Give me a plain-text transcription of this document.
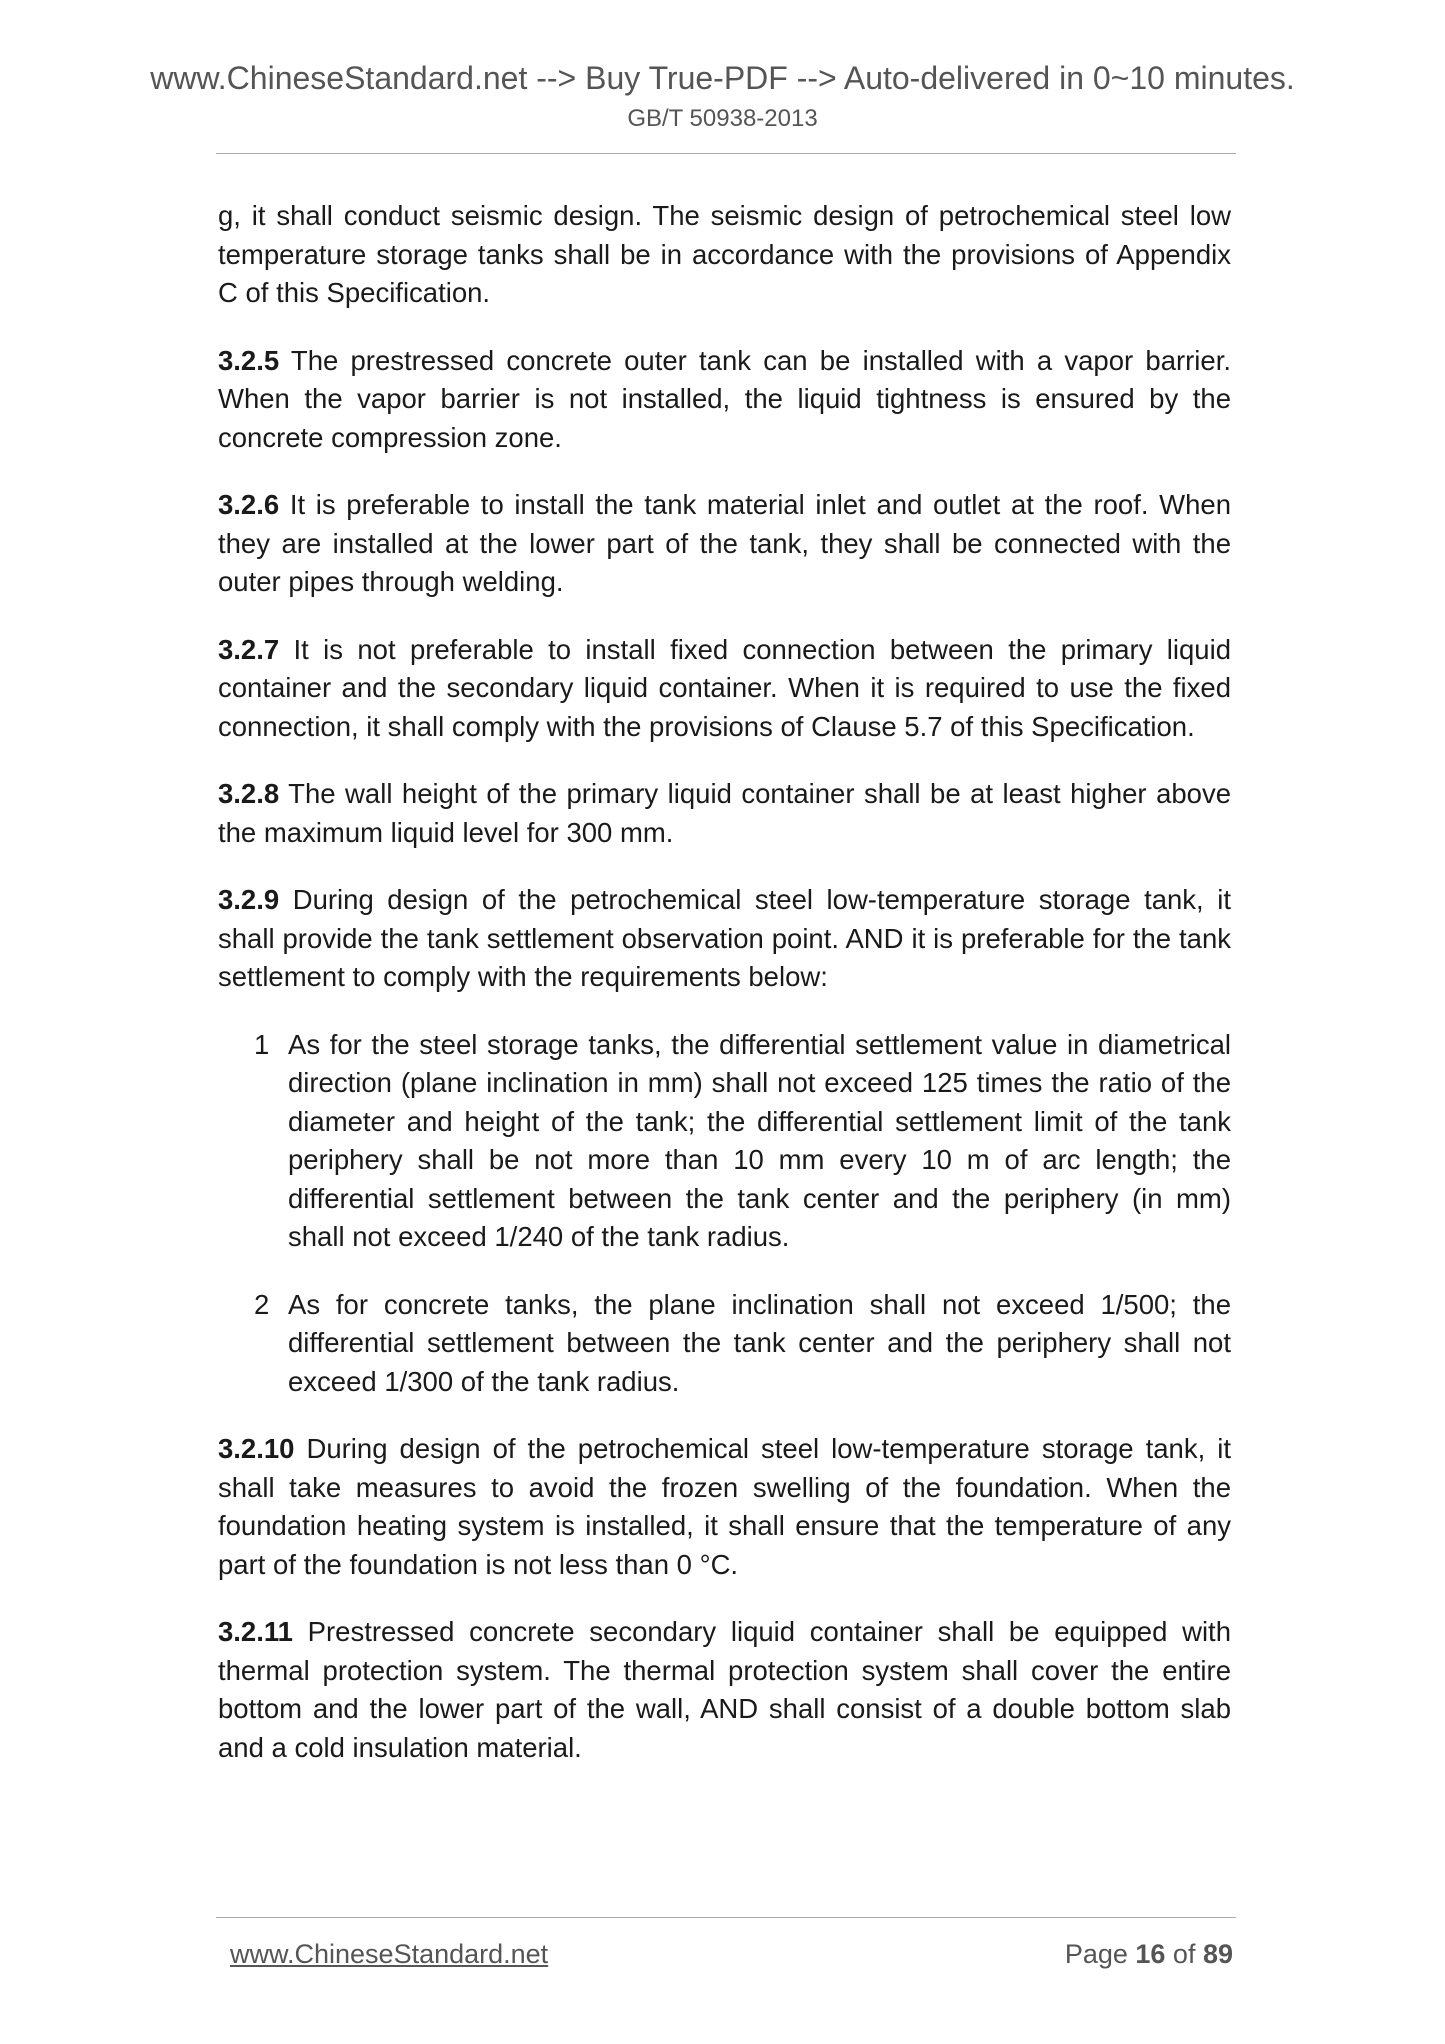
www.ChineseStandard.net --> Buy True-PDF --> Auto-delivered in 0~10 minutes.
GB/T 50938-2013

g, it shall conduct seismic design. The seismic design of petrochemical steel low temperature storage tanks shall be in accordance with the provisions of Appendix C of this Specification.

3.2.5 The prestressed concrete outer tank can be installed with a vapor barrier. When the vapor barrier is not installed, the liquid tightness is ensured by the concrete compression zone.

3.2.6 It is preferable to install the tank material inlet and outlet at the roof. When they are installed at the lower part of the tank, they shall be connected with the outer pipes through welding.

3.2.7 It is not preferable to install fixed connection between the primary liquid container and the secondary liquid container. When it is required to use the fixed connection, it shall comply with the provisions of Clause 5.7 of this Specification.

3.2.8 The wall height of the primary liquid container shall be at least higher above the maximum liquid level for 300 mm.

3.2.9 During design of the petrochemical steel low-temperature storage tank, it shall provide the tank settlement observation point. AND it is preferable for the tank settlement to comply with the requirements below:

1 As for the steel storage tanks, the differential settlement value in diametrical direction (plane inclination in mm) shall not exceed 125 times the ratio of the diameter and height of the tank; the differential settlement limit of the tank periphery shall be not more than 10 mm every 10 m of arc length; the differential settlement between the tank center and the periphery (in mm) shall not exceed 1/240 of the tank radius.

2 As for concrete tanks, the plane inclination shall not exceed 1/500; the differential settlement between the tank center and the periphery shall not exceed 1/300 of the tank radius.

3.2.10 During design of the petrochemical steel low-temperature storage tank, it shall take measures to avoid the frozen swelling of the foundation. When the foundation heating system is installed, it shall ensure that the temperature of any part of the foundation is not less than 0 °C.

3.2.11 Prestressed concrete secondary liquid container shall be equipped with thermal protection system. The thermal protection system shall cover the entire bottom and the lower part of the wall, AND shall consist of a double bottom slab and a cold insulation material.

www.ChineseStandard.net	Page 16 of 89
